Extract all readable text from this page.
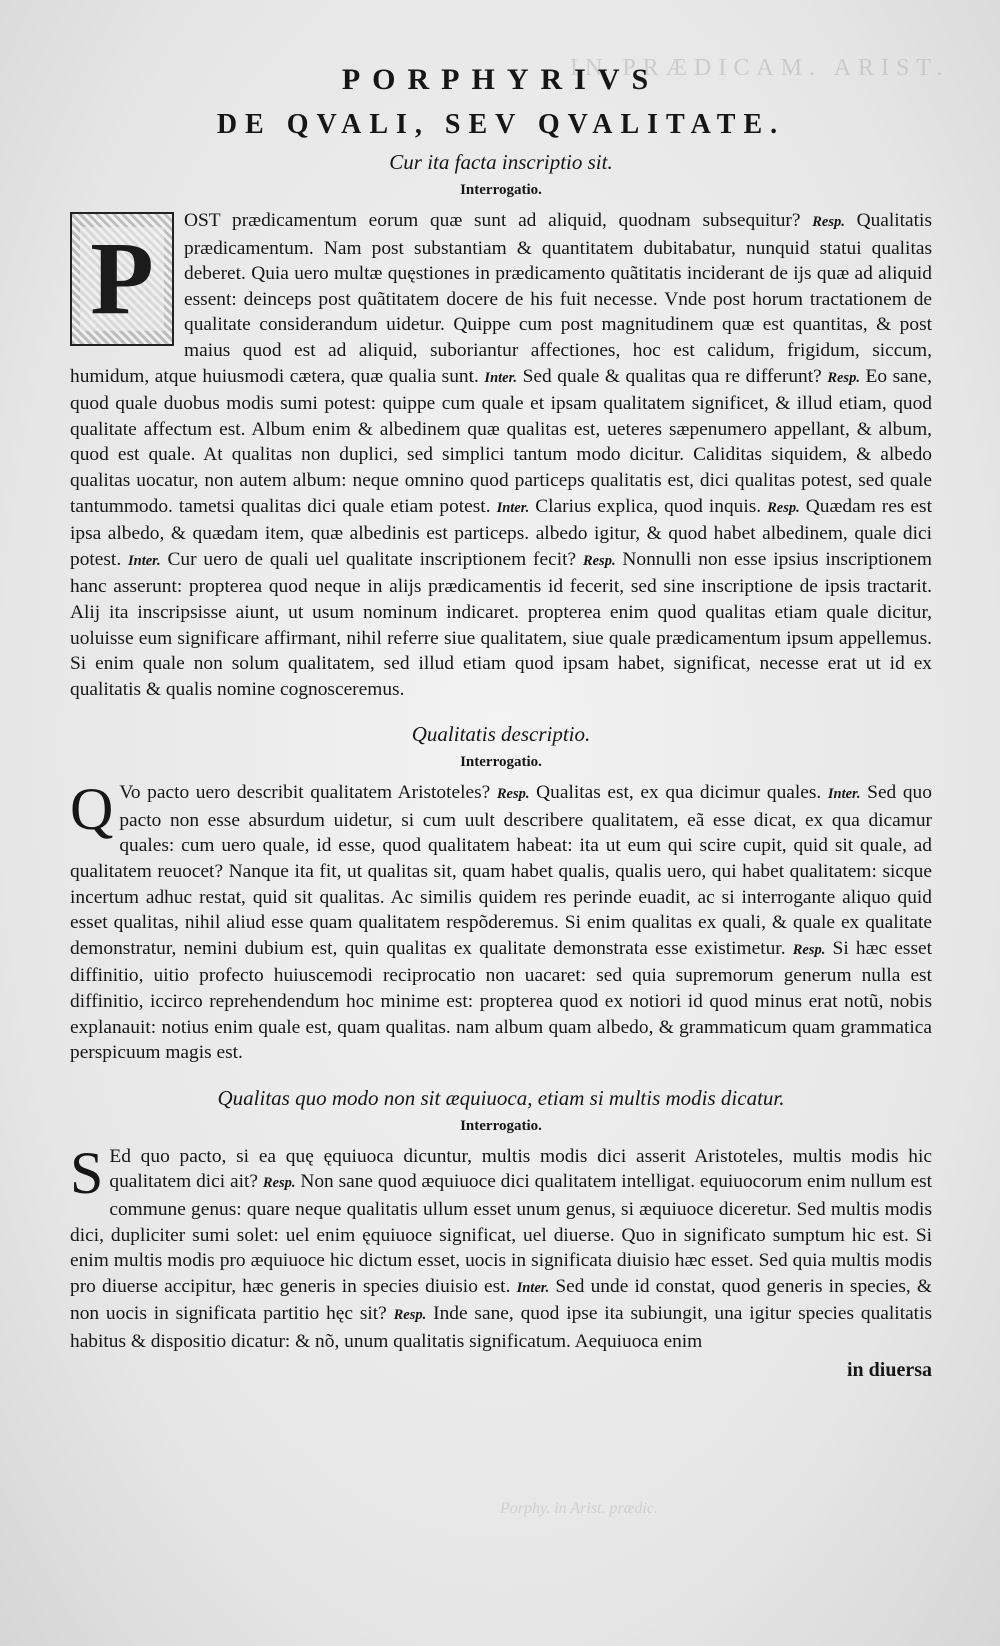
IN PRÆDICAM. ARIST.
PORPHYRIVS
DE QVALI, SEV QVALITATE.
Cur ita facta inscriptio sit.
Interrogatio.

P
OST prædicamentum eorum quæ sunt ad aliquid, quodnam subsequitur? Resp. Qualitatis prædicamentum. Nam post substantiam & quantitatem dubitabatur, nunquid statui qualitas deberet. Quia uero multæ quęstiones in prædicamento quãtitatis inciderant de ijs quæ ad aliquid essent: deinceps post quãtitatem docere de his fuit necesse. Vnde post horum tractationem de qualitate considerandum uidetur. Quippe cum post magnitudinem quæ est quantitas, & post maius quod est ad aliquid, suboriantur affectiones, hoc est calidum, frigidum, siccum, humidum, atque huiusmodi cætera, quæ qualia sunt. Inter. Sed quale & qualitas qua re differunt? Resp. Eo sane, quod quale duobus modis sumi potest: quippe cum quale et ipsam qualitatem significet, & illud etiam, quod qualitate affectum est. Album enim & albedinem quæ qualitas est, ueteres sæpenumero appellant, & album, quod est quale. At qualitas non duplici, sed simplici tantum modo dicitur. Caliditas siquidem, & albedo qualitas uocatur, non autem album: neque omnino quod particeps qualitatis est, dici qualitas potest, sed quale tantummodo. tametsi qualitas dici quale etiam potest. Inter. Clarius explica, quod inquis. Resp. Quædam res est ipsa albedo, & quædam item, quæ albedinis est particeps. albedo igitur, & quod habet albedinem, quale dici potest. Inter. Cur uero de quali uel qualitate inscriptionem fecit? Resp. Nonnulli non esse ipsius inscriptionem hanc asserunt: propterea quod neque in alijs prædicamentis id fecerit, sed sine inscriptione de ipsis tractarit. Alij ita inscripsisse aiunt, ut usum nominum indicaret. propterea enim quod qualitas etiam quale dicitur, uoluisse eum significare affirmant, nihil referre siue qualitatem, siue quale prædicamentum ipsum appellemus. Si enim quale non solum qualitatem, sed illud etiam quod ipsam habet, significat, necesse erat ut id ex qualitatis & qualis nomine cognosceremus.

Qualitatis descriptio.
Interrogatio.

Q Vo pacto uero describit qualitatem Aristoteles? Resp. Qualitas est, ex qua dicimur quales. Inter. Sed quo pacto non esse absurdum uidetur, si cum uult describere qualitatem, eã esse dicat, ex qua dicamur quales: cum uero quale, id esse, quod qualitatem habeat: ita ut eum qui scire cupit, quid sit quale, ad qualitatem reuocet? Nanque ita fit, ut qualitas sit, quam habet qualis, qualis uero, qui habet qualitatem: sicque incertum adhuc restat, quid sit qualitas. Ac similis quidem res perinde euadit, ac si interrogante aliquo quid esset qualitas, nihil aliud esse quam qualitatem respõderemus. Si enim qualitas ex quali, & quale ex qualitate demonstratur, nemini dubium est, quin qualitas ex qualitate demonstrata esse existimetur. Resp. Si hæc esset diffinitio, uitio profecto huiuscemodi reciprocatio non uacaret: sed quia supremorum generum nulla est diffinitio, iccirco reprehendendum hoc minime est: propterea quod ex notiori id quod minus erat notũ, nobis explanauit: notius enim quale est, quam qualitas. nam album quam albedo, & grammaticum quam grammatica perspicuum magis est.

Qualitas quo modo non sit æquiuoca, etiam si multis modis dicatur.
Interrogatio.

S Ed quo pacto, si ea quę ęquiuoca dicuntur, multis modis dici asserit Aristoteles, multis modis hic qualitatem dici ait? Resp. Non sane quod æquiuoce dici qualitatem intelligat. equiuocorum enim nullum est commune genus: quare neque qualitatis ullum esset unum genus, si æquiuoce diceretur. Sed multis modis dici, dupliciter sumi solet: uel enim ęquiuoce significat, uel diuerse. Quo in significato sumptum hic est. Si enim multis modis pro æquiuoce hic dictum esset, uocis in significata diuisio hæc esset. Sed quia multis modis pro diuerse accipitur, hæc generis in species diuisio est. Inter. Sed unde id constat, quod generis in species, & non uocis in significata partitio hęc sit? Resp. Inde sane, quod ipse ita subiungit, una igitur species qualitatis habitus & dispositio dicatur: & nõ, unum qualitatis significatum. Aequiuoca enim

in diuersa
Porphy. in Arist. prædic.
